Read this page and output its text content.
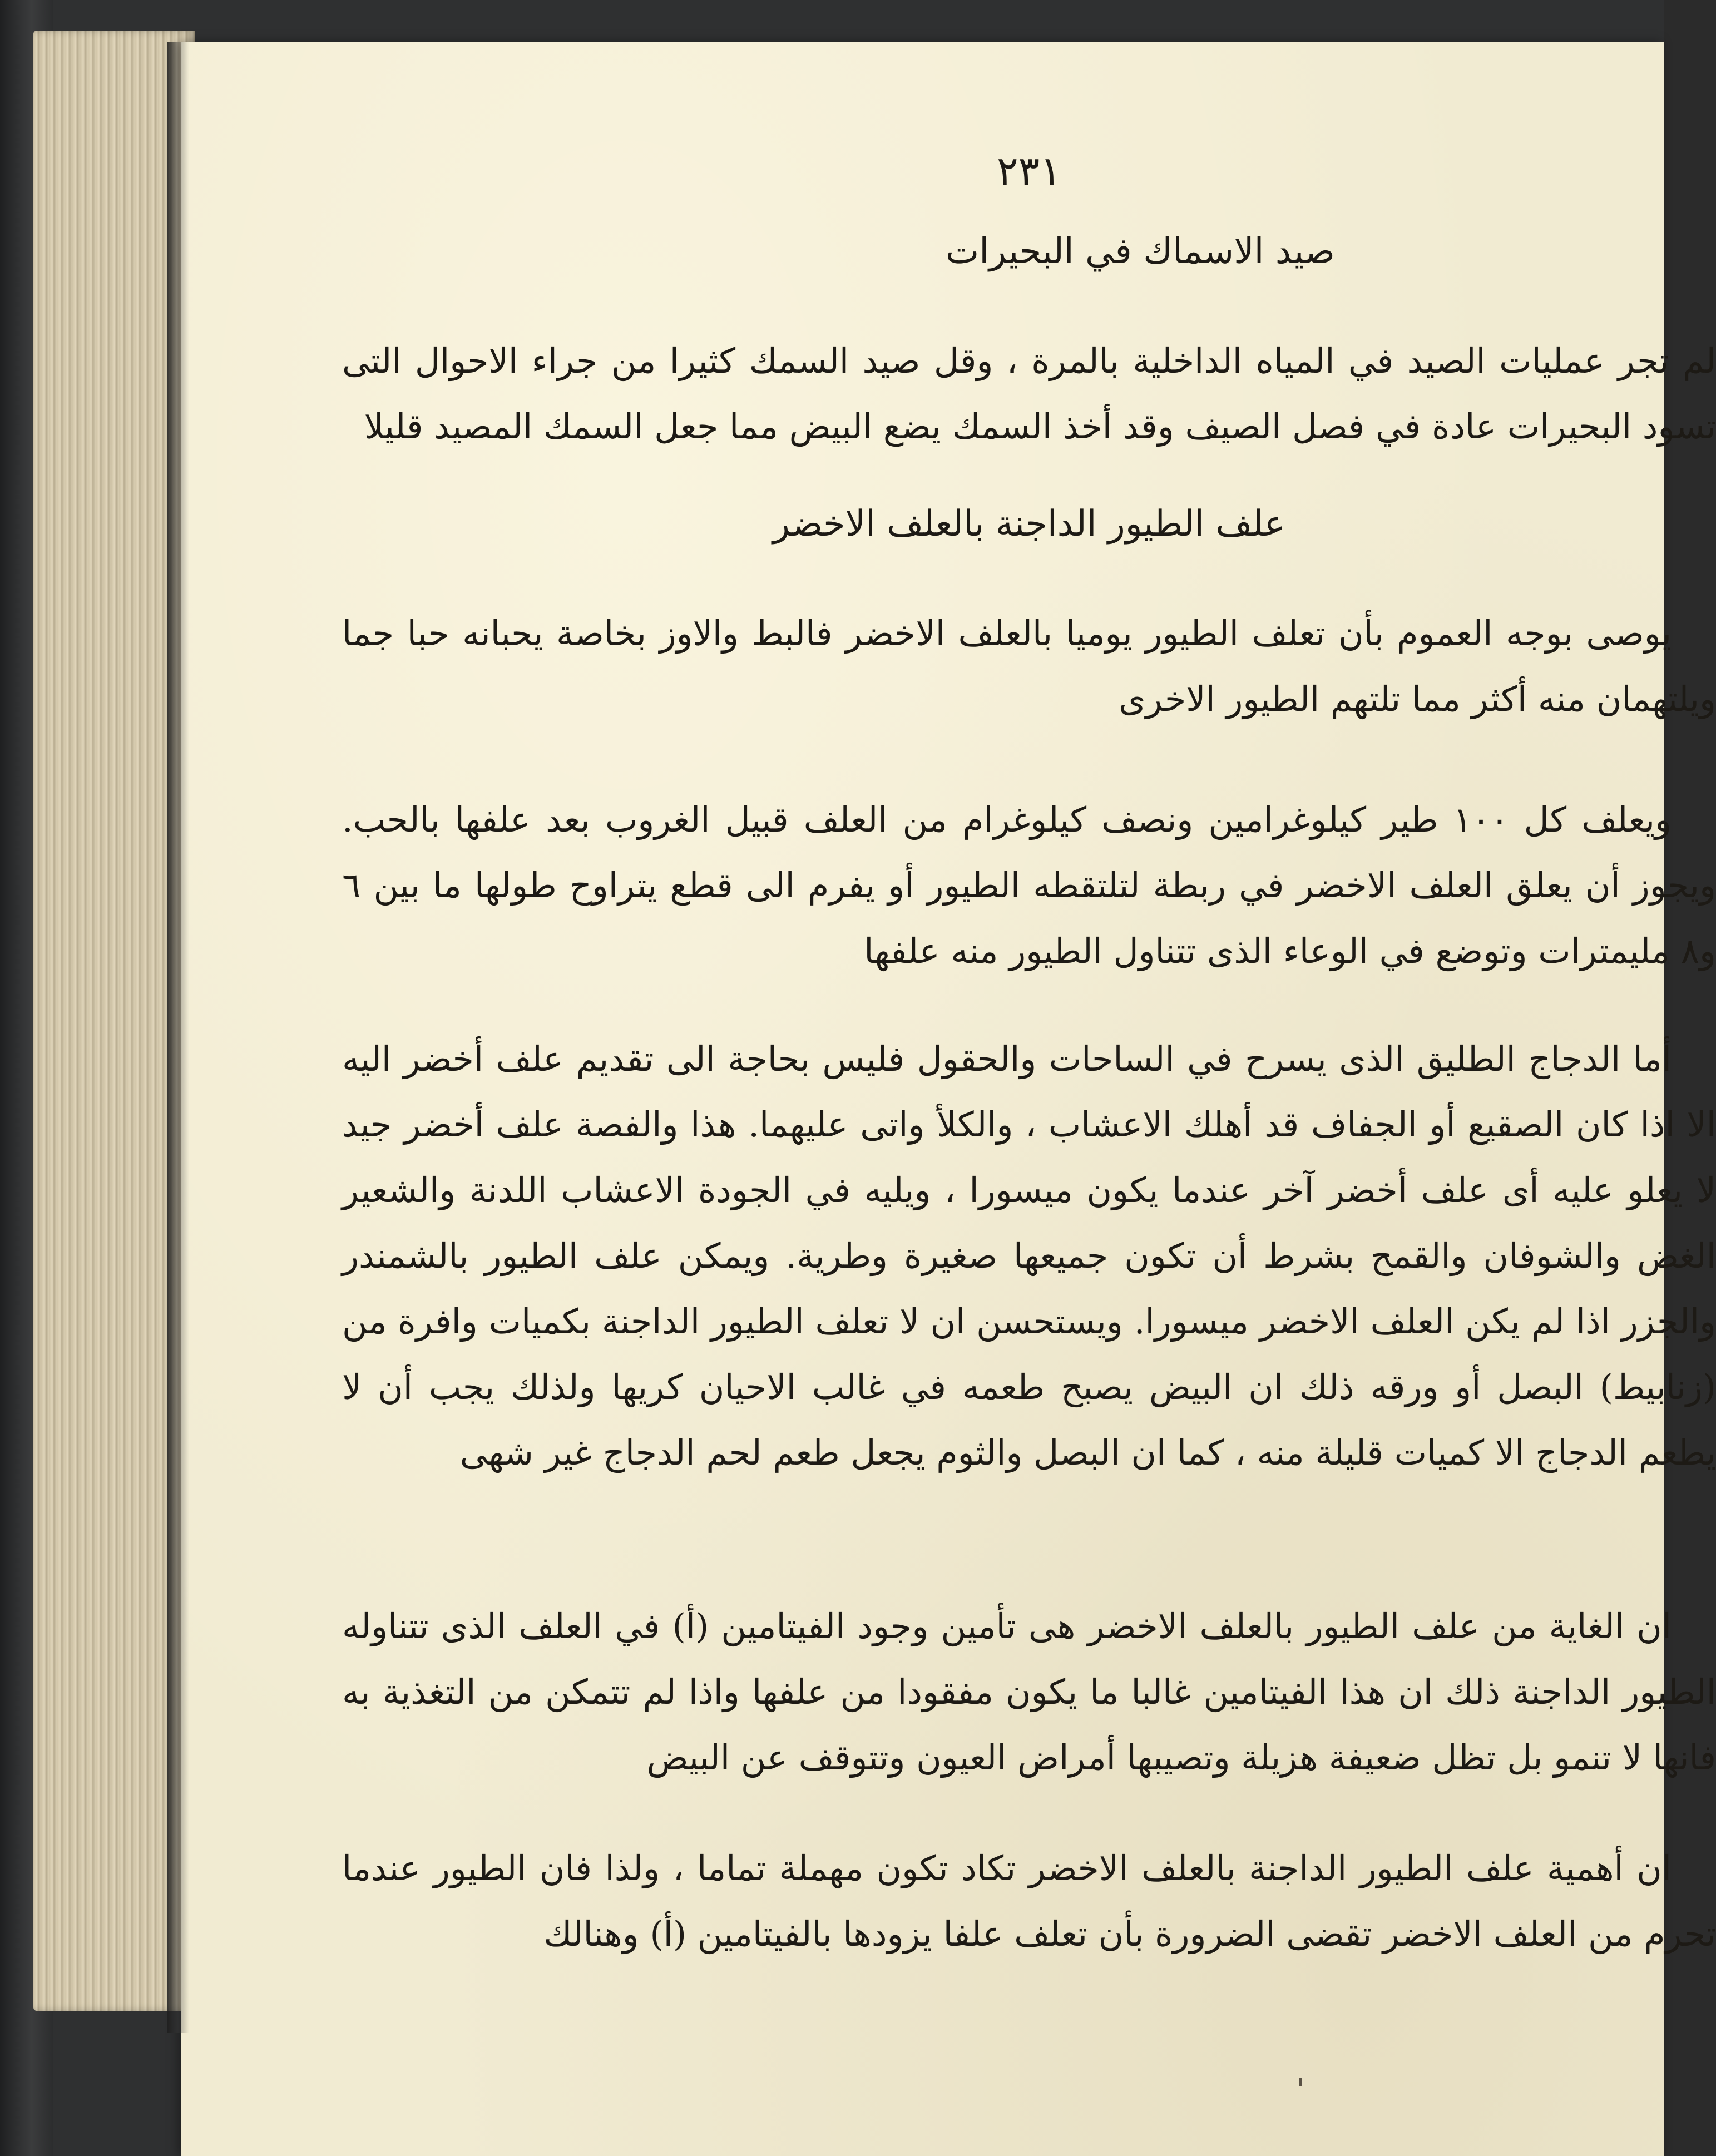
٢٣١
صيد الاسماك في البحيرات

لم تجر عمليات الصيد في المياه الداخلية بالمرة ، وقل صيد السمك كثيرا من جراء الاحوال التى تسود البحيرات عادة في فصل الصيف وقد أخذ السمك يضع البيض مما جعل السمك المصيد قليلا

علف الطيور الداجنة بالعلف الاخضر

يوصى بوجه العموم بأن تعلف الطيور يوميا بالعلف الاخضر فالبط والاوز بخاصة يحبانه حبا جما ويلتهمان منه أكثر مما تلتهم الطيور الاخرى

ويعلف كل ١٠٠ طير كيلوغرامين ونصف كيلوغرام من العلف قبيل الغروب بعد علفها بالحب. ويجوز أن يعلق العلف الاخضر في ربطة لتلتقطه الطيور أو يفرم الى قطع يتراوح طولها ما بين ٦ و٨ مليمترات وتوضع في الوعاء الذى تتناول الطيور منه علفها

أما الدجاج الطليق الذى يسرح في الساحات والحقول فليس بحاجة الى تقديم علف أخضر اليه الا اذا كان الصقيع أو الجفاف قد أهلك الاعشاب ، والكلأ واتى عليهما. هذا والفصة علف أخضر جيد لا يعلو عليه أى علف أخضر آخر عندما يكون ميسورا ، ويليه في الجودة الاعشاب اللدنة والشعير الغض والشوفان والقمح بشرط أن تكون جميعها صغيرة وطرية. ويمكن علف الطيور بالشمندر والجزر اذا لم يكن العلف الاخضر ميسورا. ويستحسن ان لا تعلف الطيور الداجنة بكميات وافرة من (زنابيط) البصل أو ورقه ذلك ان البيض يصبح طعمه في غالب الاحيان كريها ولذلك يجب أن لا يطعم الدجاج الا كميات قليلة منه ، كما ان البصل والثوم يجعل طعم لحم الدجاج غير شهى

ان الغاية من علف الطيور بالعلف الاخضر هى تأمين وجود الفيتامين (أ) في العلف الذى تتناوله الطيور الداجنة ذلك ان هذا الفيتامين غالبا ما يكون مفقودا من علفها واذا لم تتمكن من التغذية به فانها لا تنمو بل تظل ضعيفة هزيلة وتصيبها أمراض العيون وتتوقف عن البيض

ان أهمية علف الطيور الداجنة بالعلف الاخضر تكاد تكون مهملة تماما ، ولذا فان الطيور عندما تحرم من العلف الاخضر تقضى الضرورة بأن تعلف علفا يزودها بالفيتامين (أ) وهنالك
